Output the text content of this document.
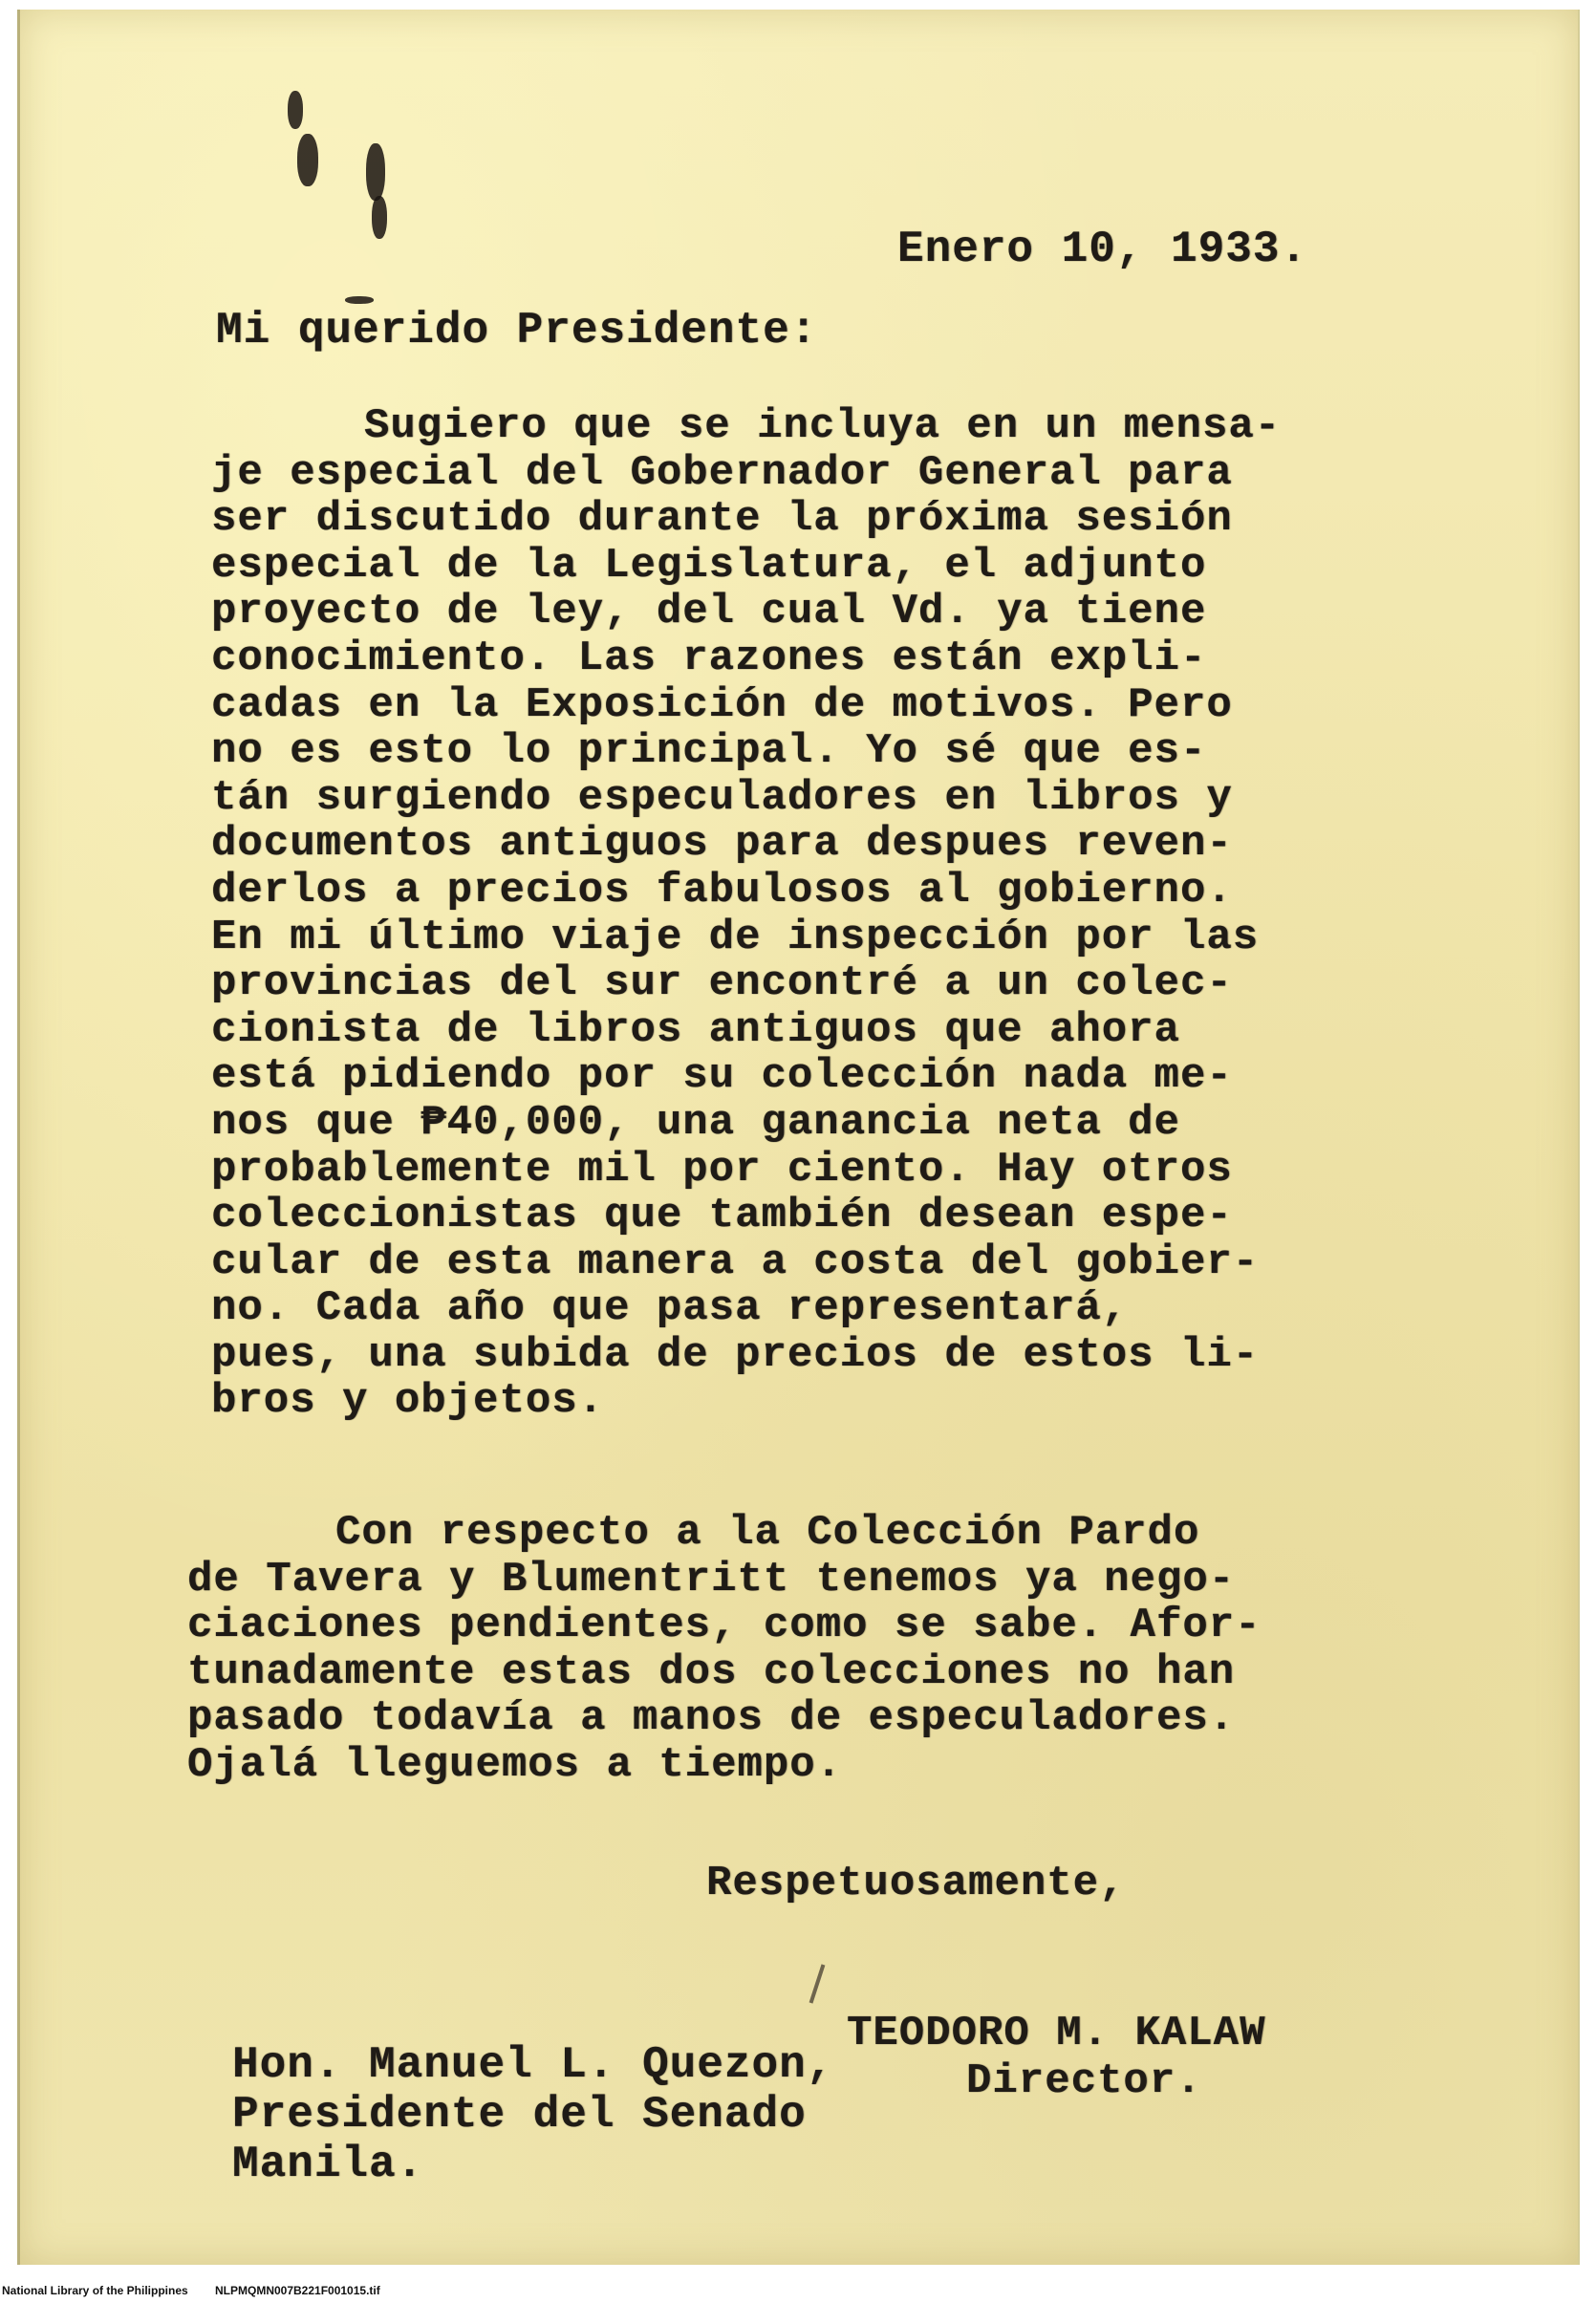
Enero 10, 1933.
Mi querido Presidente:

Sugiero que se incluya en un mensa-
je especial del Gobernador General para
ser discutido durante la próxima sesión
especial de la Legislatura, el adjunto
proyecto de ley, del cual Vd. ya tiene
conocimiento. Las razones están expli-
cadas en la Exposición de motivos. Pero
no es esto lo principal. Yo sé que es-
tán surgiendo especuladores en libros y
documentos antiguos para despues reven-
derlos a precios fabulosos al gobierno.
En mi último viaje de inspección por las
provincias del sur encontré a un colec-
cionista de libros antiguos que ahora
está pidiendo por su colección nada me-
nos que ₱40,000, una ganancia neta de
probablemente mil por ciento. Hay otros
coleccionistas que también desean espe-
cular de esta manera a costa del gobier-
no. Cada año que pasa representará,
pues, una subida de precios de estos li-
bros y objetos.

Con respecto a la Colección Pardo
de Tavera y Blumentritt tenemos ya nego-
ciaciones pendientes, como se sabe. Afor-
tunadamente estas dos colecciones no han
pasado todavía a manos de especuladores.
Ojalá lleguemos a tiempo.

Respetuosamente,
TEODORO M. KALAW
Director.
Hon. Manuel L. Quezon,
Presidente del Senado
Manila.
National Library of the Philippines NLPMQMN007B221F001015.tif
